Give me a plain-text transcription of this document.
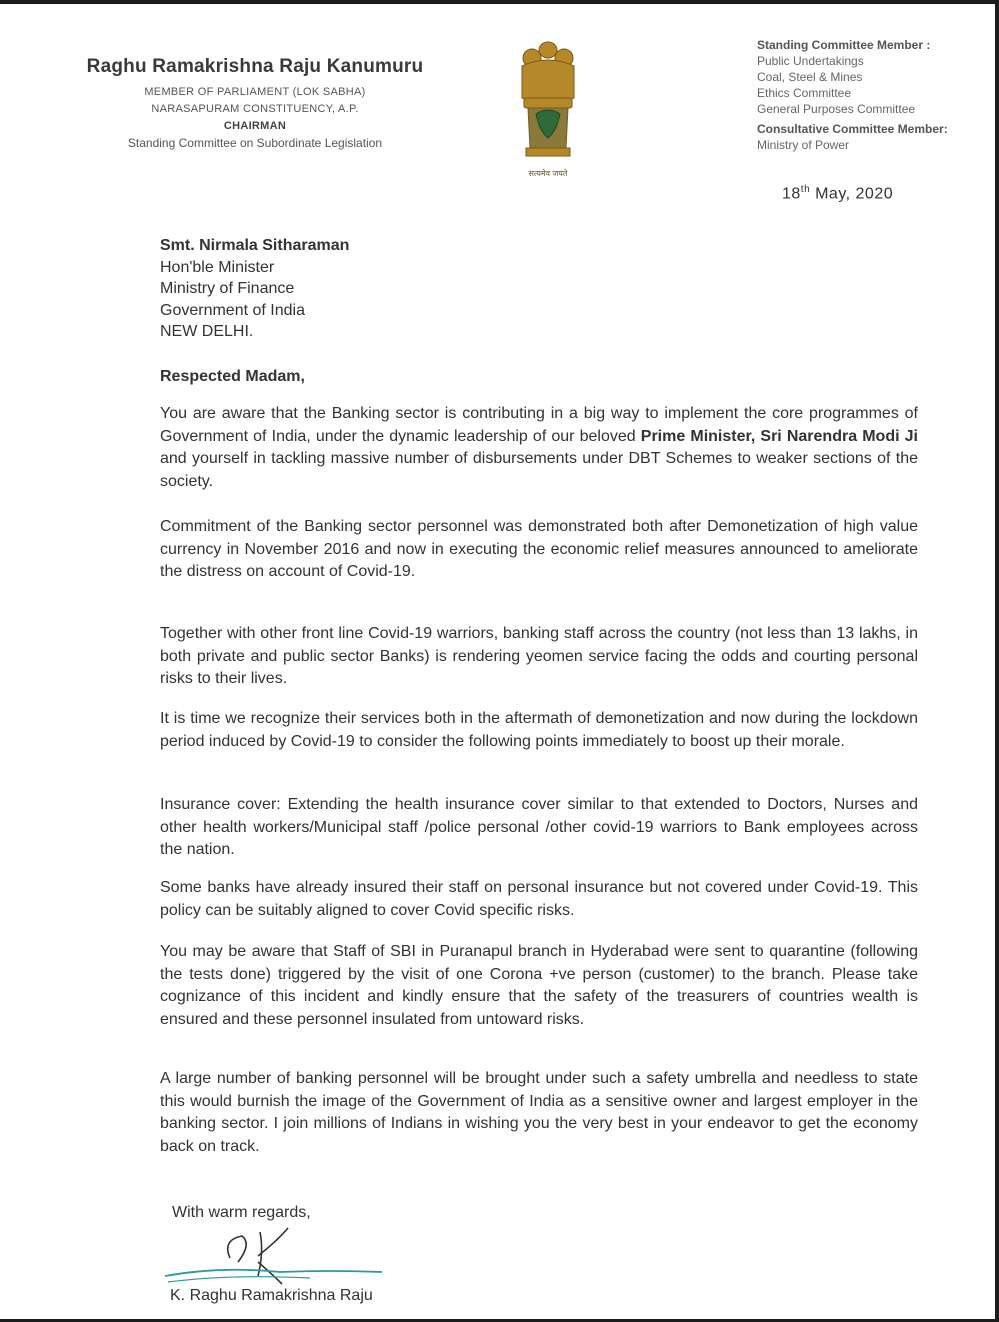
Raghu Ramakrishna Raju Kanumuru
MEMBER OF PARLIAMENT (LOK SABHA)
NARASAPURAM CONSTITUENCY, A.P.
CHAIRMAN
Standing Committee on Subordinate Legislation
सत्यमेव जयते
Standing Committee Member :
Public Undertakings
Coal, Steel & Mines
Ethics Committee
General Purposes Committee
Consultative Committee Member:
Ministry of Power
18th May, 2020
Smt. Nirmala Sitharaman
Hon'ble Minister
Ministry of Finance
Government of India
NEW DELHI.
Respected Madam,
You are aware that the Banking sector is contributing in a big way to implement the core programmes of Government of India, under the dynamic leadership of our beloved Prime Minister, Sri Narendra Modi Ji and yourself in tackling massive number of disbursements under DBT Schemes to weaker sections of the society.
Commitment of the Banking sector personnel was demonstrated both after Demonetization of high value currency in November 2016 and now in executing the economic relief measures announced to ameliorate the distress on account of Covid-19.
Together with other front line Covid-19 warriors, banking staff across the country (not less than 13 lakhs, in both private and public sector Banks) is rendering yeomen service facing the odds and courting personal risks to their lives.
It is time we recognize their services both in the aftermath of demonetization and now during the lockdown period induced by Covid-19 to consider the following points immediately to boost up their morale.
Insurance cover: Extending the health insurance cover similar to that extended to Doctors, Nurses and other health workers/Municipal staff /police personal /other covid-19 warriors to Bank employees across the nation.
Some banks have already insured their staff on personal insurance but not covered under Covid-19. This policy can be suitably aligned to cover Covid specific risks.
You may be aware that Staff of SBI in Puranapul branch in Hyderabad were sent to quarantine (following the tests done) triggered by the visit of one Corona +ve person (customer) to the branch. Please take cognizance of this incident and kindly ensure that the safety of the treasurers of countries wealth is ensured and these personnel insulated from untoward risks.
A large number of banking personnel will be brought under such a safety umbrella and needless to state this would burnish the image of the Government of India as a sensitive owner and largest employer in the banking sector. I join millions of Indians in wishing you the very best in your endeavor to get the economy back on track.
With warm regards,
K. Raghu Ramakrishna Raju
